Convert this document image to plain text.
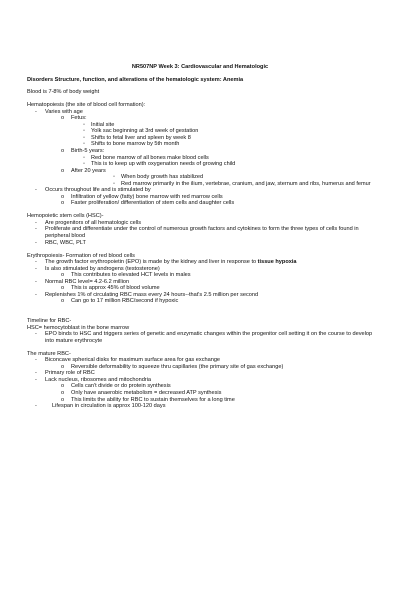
NR507NP Week 3: Cardiovascular and Hematologic

Disorders Structure, function, and alterations of the hematologic system: Anemia

Blood is 7-8% of body weight

Hematopoiesis (the site of blood cell formation):

- Varies with age
o Fetus:
▫ Initial site
▫ Yolk sac beginning at 3rd week of gestation
▫ Shifts to fetal liver and spleen by week 8
▫ Shifts to bone marrow by 5th month
o Birth-5 years:
▫ Red bone marrow of all bones make blood cells
▫ This is to keep up with oxygenation needs of growing child
o After 20 years
▫ When body growth has stabilized
▫ Red marrow primarily in the ilium, vertebrae, cranium, and jaw, sternum and ribs, humerus and femur
- Occurs throughout life and is stimulated by
o Infiltration of yellow (fatty) bone marrow with red marrow cells
o Faster proliferation/ differentiation of stem cells and daughter cells

Hemopoietic stem cells (HSC)-

- Are progenitors of all hematologic cells
- Proliferate and differentiate under the control of numerous growth factors and cytokines to form the three types of cells found in peripheral blood
- RBC, WBC, PLT

Erythropoiesis- Formation of red blood cells

- The growth factor erythropoietin (EPO) is made by the kidney and liver in response to tissue hypoxia
- Is also stimulated by androgens (testosterone)
o This contributes to elevated HCT levels in males
- Normal RBC level= 4.2-6.2 million
o This is approx 45% of blood volume
- Replenishes 1% of circulating RBC mass every 24 hours--that's 2.5 million per second
o Can go to 17 million RBC/second if hypoxic

Timeline for RBC-

HSC= hemocytoblast in the bone marrow

- EPO binds to HSC and triggers series of genetic and enzymatic changes within the progenitor cell setting it on the course to develop into mature erythrocyte

The mature RBC-

- Biconcave spherical disks for maximum surface area for gas exchange
o Reversible deformability to squeeze thru capillaries (the primary site of gas exchange)
- Primary role of RBC
- Lack nucleus, ribosomes and mitochondria
o Cells can't divide or do protein synthesis
o Only have anaerobic metabolism = decreased ATP synthesis
o This limits the ability for RBC to sustain themselves for a long time
-	Lifespan in circulation is approx 100-120 days
